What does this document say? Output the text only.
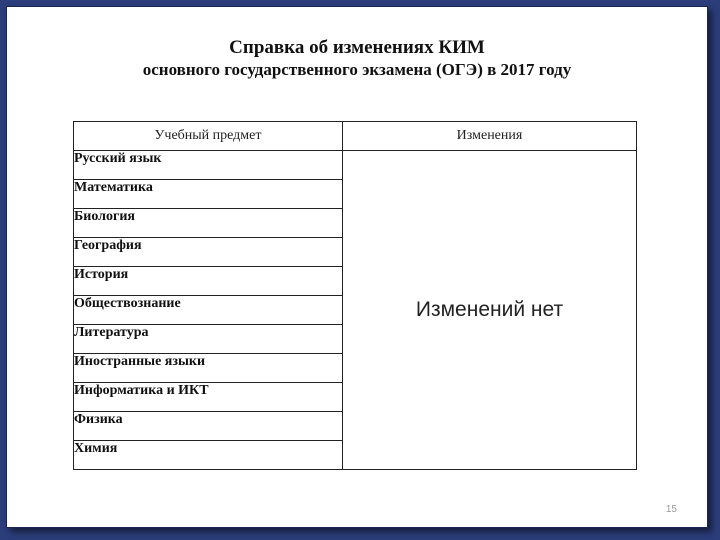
Справка об изменениях КИМ
основного государственного экзамена (ОГЭ) в 2017 году
Учебный предмет	Изменения
Русский язык	Изменений нет
Математика	
Биология	
География	
История	
Обществознание	
Литература	
Иностранные языки	
Информатика и ИКТ	
Физика	
Химия	
15
